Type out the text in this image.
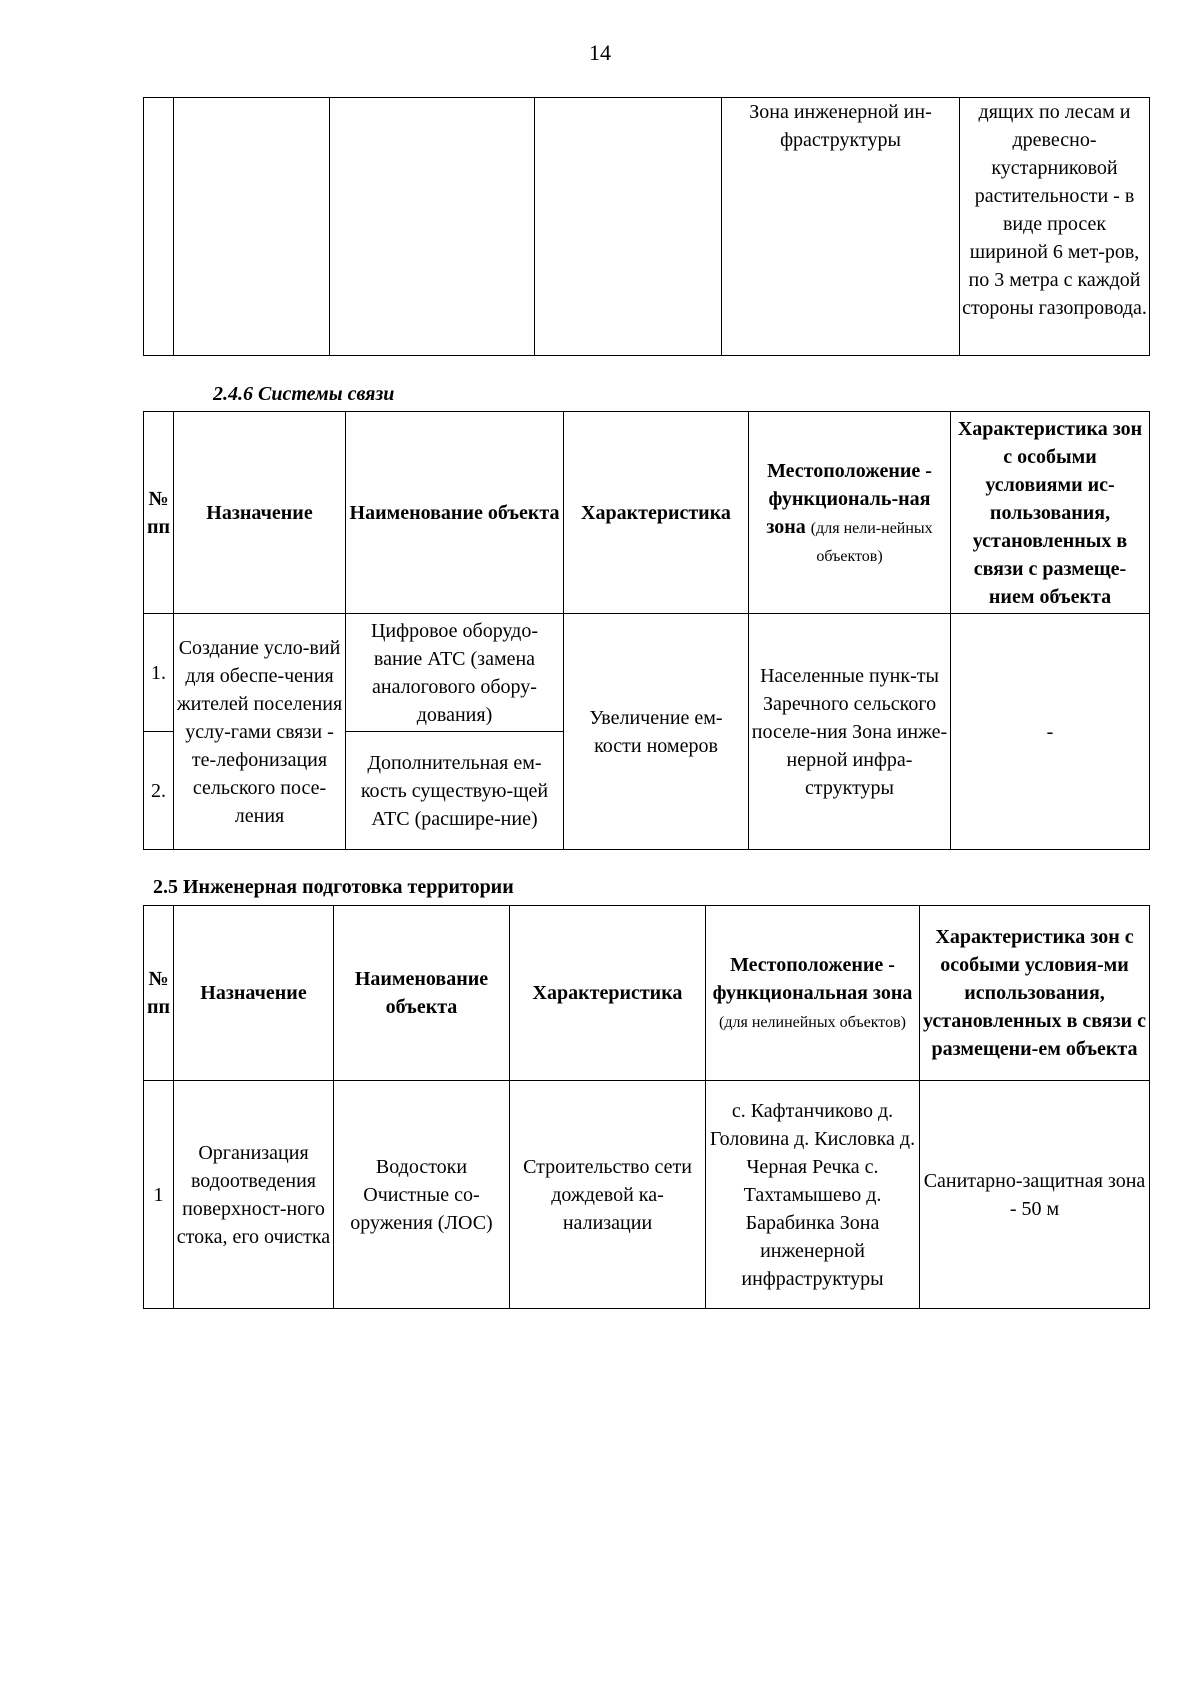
14
				Зона инженерной ин-фраструктуры	дящих по лесам и древесно-кустарниковой растительности - в виде просек шириной 6 мет-ров, по 3 метра с каждой стороны газопровода.
2.4.6 Системы связи
№ пп	Назначение	Наименование объекта	Характеристика	Местоположение - функциональ-ная зона (для нели-нейных объектов)	Характеристика зон с особыми условиями ис-пользования, установленных в связи с размеще-нием объекта
1.	Создание усло-вий для обеспе-чения жителей поселения услу-гами связи - те-лефонизация сельского посе-ления	Цифровое оборудо-вание АТС (замена аналогового обору-дования)	Увеличение ем-кости номеров	Населенные пунк-ты Заречного сельского поселе-ния Зона инже-нерной инфра-структуры	-
2.		Дополнительная ем-кость существую-щей АТС (расшире-ние)			
2.5 Инженерная подготовка территории
№ пп	Назначение	Наименование объекта	Характеристика	Местоположение - функциональная зона (для нелинейных объектов)	Характеристика зон с особыми условия-ми использования, установленных в связи с размещени-ем объекта
1	Организация водоотведения поверхност-ного стока, его очистка	Водостоки Очистные со-оружения (ЛОС)	Строительство сети дождевой ка-нализации	с. Кафтанчиково д. Головина д. Кисловка д. Черная Речка с. Тахтамышево д. Барабинка Зона инженерной инфраструктуры	Санитарно-защитная зона - 50 м
